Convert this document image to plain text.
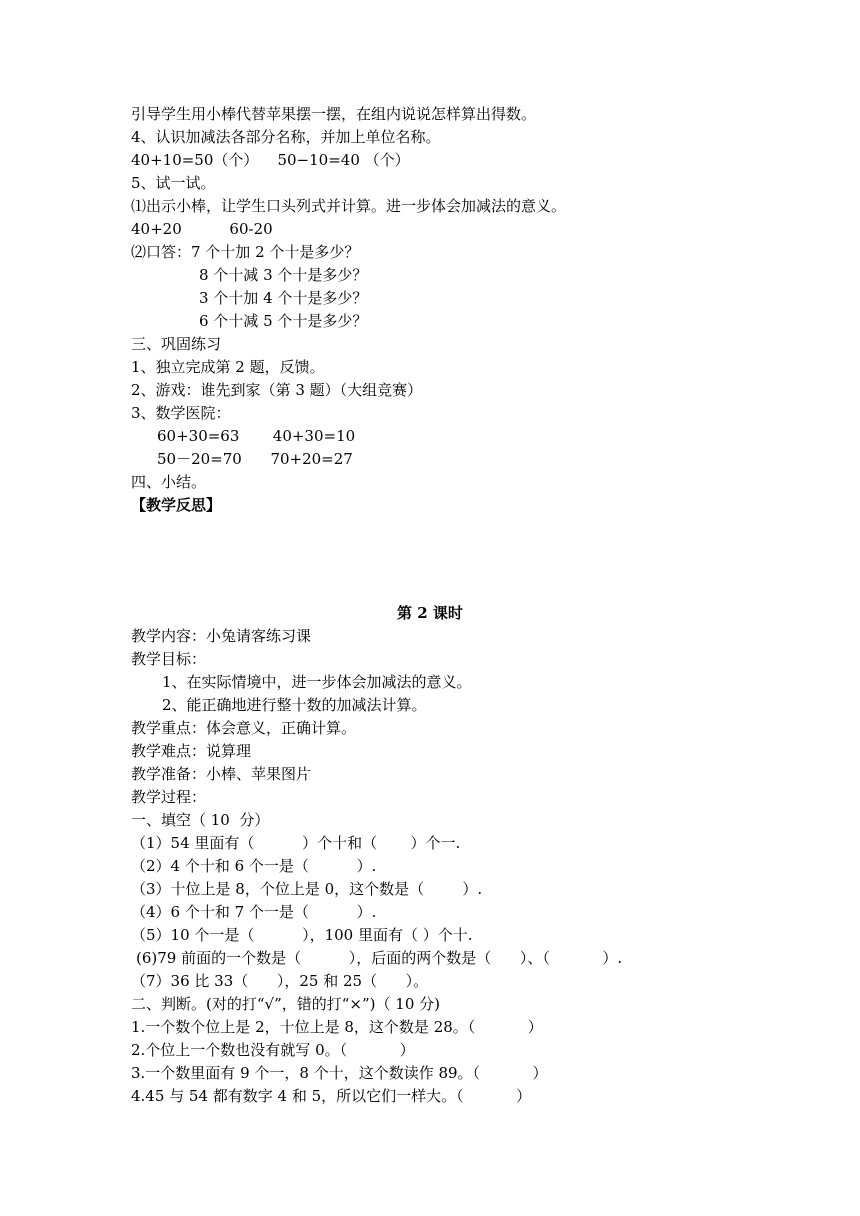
引导学生用小棒代替苹果摆一摆，在组内说说怎样算出得数。
4、认识加减法各部分名称，并加上单位名称。
40+10=50（个）    50−10=40 （个）
5、试一试。
⑴出示小棒，让学生口头列式并计算。进一步体会加减法的意义。
40+20          60-20
⑵口答：7 个十加 2 个十是多少？
8 个十减 3 个十是多少？
3 个十加 4 个十是多少？
6 个十减 5 个十是多少？
三、巩固练习
1、独立完成第 2 题，反馈。
2、游戏：谁先到家（第 3 题）（大组竞赛）
3、数学医院：
60+30=63       40+30=10
50－20=70      70+20=27
四、小结。
【教学反思】
第 2 课时
教学内容：小兔请客练习课
教学目标：
1、在实际情境中，进一步体会加减法的意义。
2、能正确地进行整十数的加减法计算。
教学重点：体会意义，正确计算。
教学难点：说算理
教学准备：小棒、苹果图片
教学过程：
一、填空（ 10  分）
（1）54 里面有（          ）个十和（       ）个一.
（2）4 个十和 6 个一是（          ）.
（3）十位上是 8，个位上是 0，这个数是（        ）.
（4）6 个十和 7 个一是（          ）.
（5）10 个一是（          ），100 里面有（ ）个十.
(6)79 前面的一个数是（          ），后面的两个数是（      ）、（           ）.
（7）36 比 33（      ），25 和 25（      ）。
二、判断。(对的打“√”，错的打“×”)（ 10 分)
1.一个数个位上是 2，十位上是 8，这个数是 28。（           ）
2.个位上一个数也没有就写 0。（           ）
3.一个数里面有 9 个一，8 个十，这个数读作 89。（           ）
4.45 与 54 都有数字 4 和 5，所以它们一样大。（           ）
